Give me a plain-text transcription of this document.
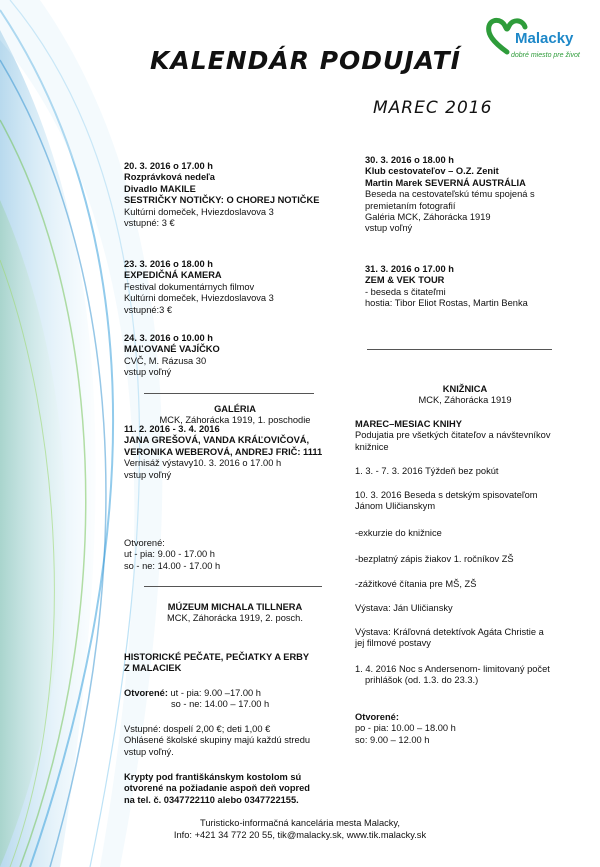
Malacky
dobré miesto pre život
KALENDÁR PODUJATÍ
MAREC 2016
20. 3. 2016 o 17.00 h
Rozprávková nedeľa
Divadlo MAKILE
SESTRIČKY NOTIČKY: O CHOREJ NOTIČKE
Kultúrni domeček, Hviezdoslavova 3
vstupné: 3 €
23. 3. 2016 o 18.00 h
EXPEDIČNÁ KAMERA
Festival dokumentárnych filmov
Kultúrni domeček, Hviezdoslavova 3
vstupné:3 €
24. 3. 2016 o 10.00 h
MAĽOVANÉ VAJÍČKO
CVČ, M. Rázusa 30
vstup voľný
GALÉRIA
MCK, Záhorácka 1919, 1. poschodie
11. 2. 2016 - 3. 4. 2016
JANA GREŠOVÁ, VANDA KRÁĽOVIČOVÁ,
VERONIKA WEBEROVÁ, ANDREJ FRIČ: 1111
Vernisáž výstavy10. 3. 2016 o 17.00 h
vstup voľný
Otvorené:
ut - pia: 9.00 - 17.00 h
so - ne: 14.00 - 17.00 h
MÚZEUM MICHALA TILLNERA
MCK, Záhorácka 1919, 2. posch.
HISTORICKÉ PEČATE, PEČIATKY A ERBY
Z MALACIEK
Otvorené: ut - pia: 9.00 –17.00 h
so - ne: 14.00 – 17.00 h
Vstupné: dospelí 2,00 €; deti 1,00 €
Ohlásené školské skupiny majú každú stredu
vstup voľný.
Krypty pod františkánskym kostolom sú
otvorené na požiadanie aspoň deň vopred
na tel. č. 0347722110 alebo 0347722155.
30. 3. 2016 o 18.00 h
Klub cestovateľov – O.Z. Zenit
Martin Marek SEVERNÁ AUSTRÁLIA
Beseda na cestovateľskú tému spojená s
premietaním fotografií
Galéria MCK, Záhorácka 1919
vstup voľný
31. 3. 2016 o 17.00 h
ZEM & VEK TOUR
- beseda s čitateľmi
hostia: Tibor Eliot Rostas, Martin Benka
KNIŽNICA
MCK, Záhorácka 1919
MAREC–MESIAC KNIHY
Podujatia pre všetkých čitateľov a návštevníkov
knižnice
1. 3. - 7. 3. 2016 Týždeň bez pokút
10. 3. 2016 Beseda s detským spisovateľom
Jánom Uličianskym
-exkurzie do knižnice
-bezplatný zápis žiakov 1. ročníkov ZŠ
-zážitkové čítania pre MŠ, ZŠ
Výstava: Ján Uličiansky
Výstava: Kráľovná detektívok Agáta Christie a
jej filmové postavy
1. 4. 2016 Noc s Andersenom- limitovaný počet
prihlášok (od. 1.3. do 23.3.)
Otvorené:
po - pia: 10.00 – 18.00 h
so: 9.00 – 12.00 h
Turisticko-informačná kancelária mesta Malacky,
Info: +421 34 772 20 55, tik@malacky.sk, www.tik.malacky.sk
